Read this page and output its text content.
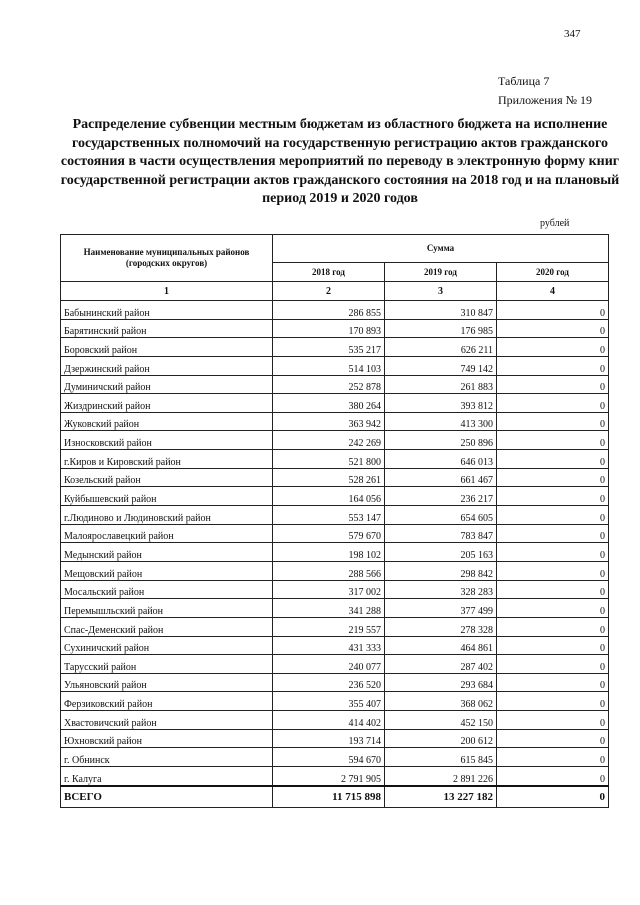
347
Таблица 7
Приложения № 19
Распределение субвенции местным бюджетам из областного бюджета на исполнение государственных полномочий на государственную регистрацию актов гражданского состояния в части осуществления мероприятий по переводу в электронную форму книг государственной регистрации актов гражданского состояния на 2018 год и на плановый период 2019 и 2020 годов
рублей
Наименование муниципальных районов (городских округов)	Сумма		
	2018 год	2019 год	2020 год
1	2	3	4
Бабынинский район	286 855	310 847	0
Барятинский район	170 893	176 985	0
Боровский район	535 217	626 211	0
Дзержинский район	514 103	749 142	0
Думиничский район	252 878	261 883	0
Жиздринский район	380 264	393 812	0
Жуковский район	363 942	413 300	0
Износковский район	242 269	250 896	0
г.Киров и Кировский район	521 800	646 013	0
Козельский район	528 261	661 467	0
Куйбышевский район	164 056	236 217	0
г.Людиново и Людиновский район	553 147	654 605	0
Малоярославецкий район	579 670	783 847	0
Медынский район	198 102	205 163	0
Мещовский район	288 566	298 842	0
Мосальский район	317 002	328 283	0
Перемышльский район	341 288	377 499	0
Спас-Деменский район	219 557	278 328	0
Сухиничский район	431 333	464 861	0
Тарусский район	240 077	287 402	0
Ульяновский район	236 520	293 684	0
Ферзиковский район	355 407	368 062	0
Хвастовичский район	414 402	452 150	0
Юхновский район	193 714	200 612	0
г. Обнинск	594 670	615 845	0
г. Калуга	2 791 905	2 891 226	0
ВСЕГО	11 715 898	13 227 182	0
